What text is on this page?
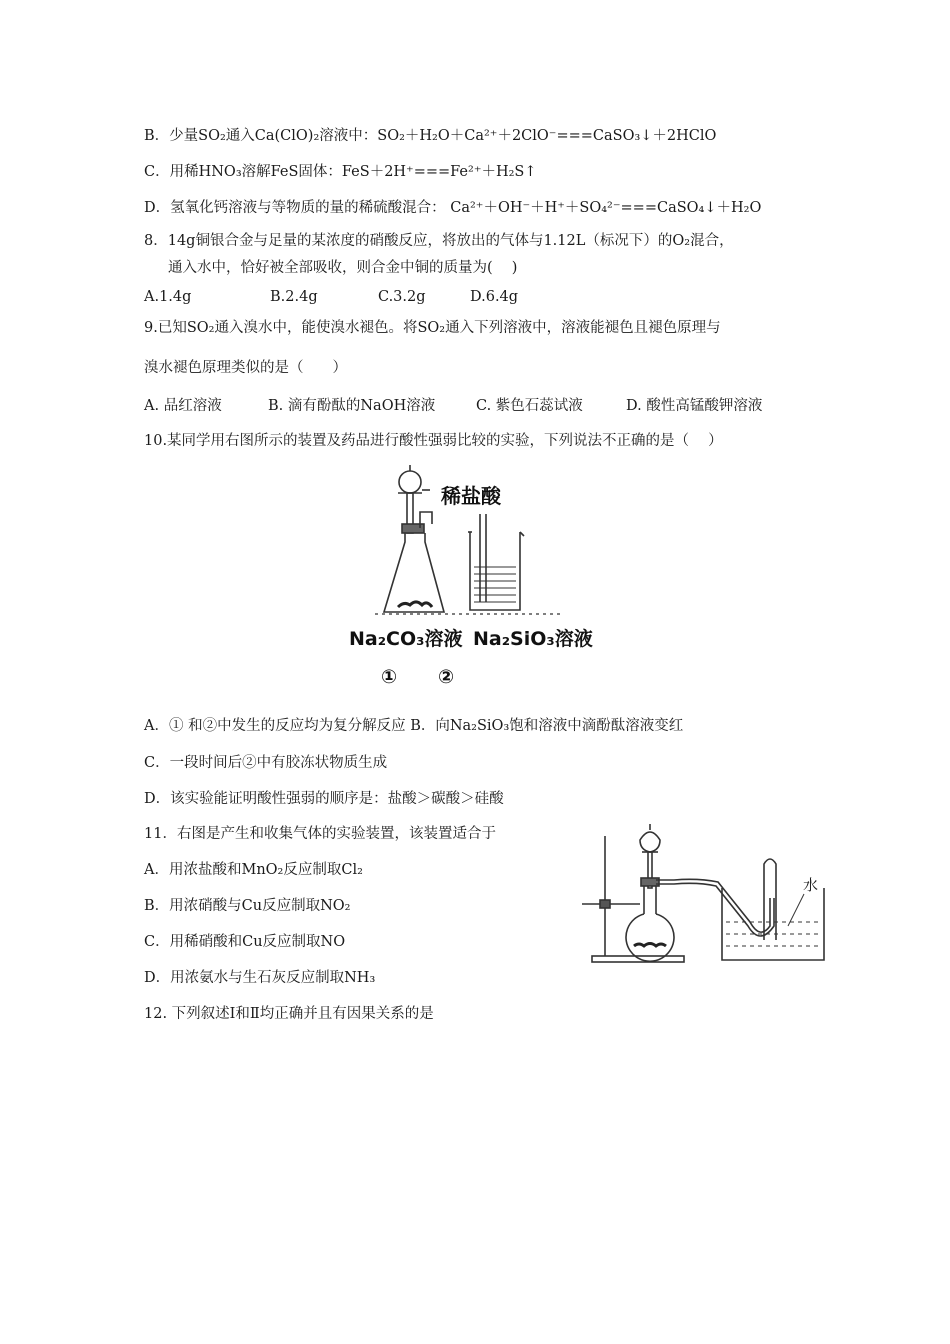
B．少量SO₂通入Ca(ClO)₂溶液中：SO₂＋H₂O＋Ca²⁺＋2ClO⁻===CaSO₃↓＋2HClO
C．用稀HNO₃溶解FeS固体：FeS＋2H⁺===Fe²⁺＋H₂S↑
D．氢氧化钙溶液与等物质的量的稀硫酸混合： Ca²⁺＋OH⁻＋H⁺＋SO₄²⁻===CaSO₄↓＋H₂O
8．14g铜银合金与足量的某浓度的硝酸反应，将放出的气体与1.12L（标况下）的O₂混合，
通入水中，恰好被全部吸收，则合金中铜的质量为(　 )
A.1.4g	B.2.4g	C.3.2g	D.6.4g
9.已知SO₂通入溴水中，能使溴水褪色。将SO₂通入下列溶液中，溶液能褪色且褪色原理与
溴水褪色原理类似的是（　　）
A. 品红溶液	B. 滴有酚酞的NaOH溶液	C. 紫色石蕊试液	D. 酸性高锰酸钾溶液
10.某同学用右图所示的装置及药品进行酸性强弱比较的实验，下列说法不正确的是（　 ）
稀盐酸
Na₂CO₃溶液 Na₂SiO₃溶液
① ②
A．① 和②中发生的反应均为复分解反应 B．向Na₂SiO₃饱和溶液中滴酚酞溶液变红
C．一段时间后②中有胶冻状物质生成
D．该实验能证明酸性强弱的顺序是：盐酸＞碳酸＞硅酸
11．右图是产生和收集气体的实验装置，该装置适合于
A．用浓盐酸和MnO₂反应制取Cl₂
B．用浓硝酸与Cu反应制取NO₂
C．用稀硝酸和Cu反应制取NO
D．用浓氨水与生石灰反应制取NH₃
水
12. 下列叙述Ⅰ和Ⅱ均正确并且有因果关系的是
